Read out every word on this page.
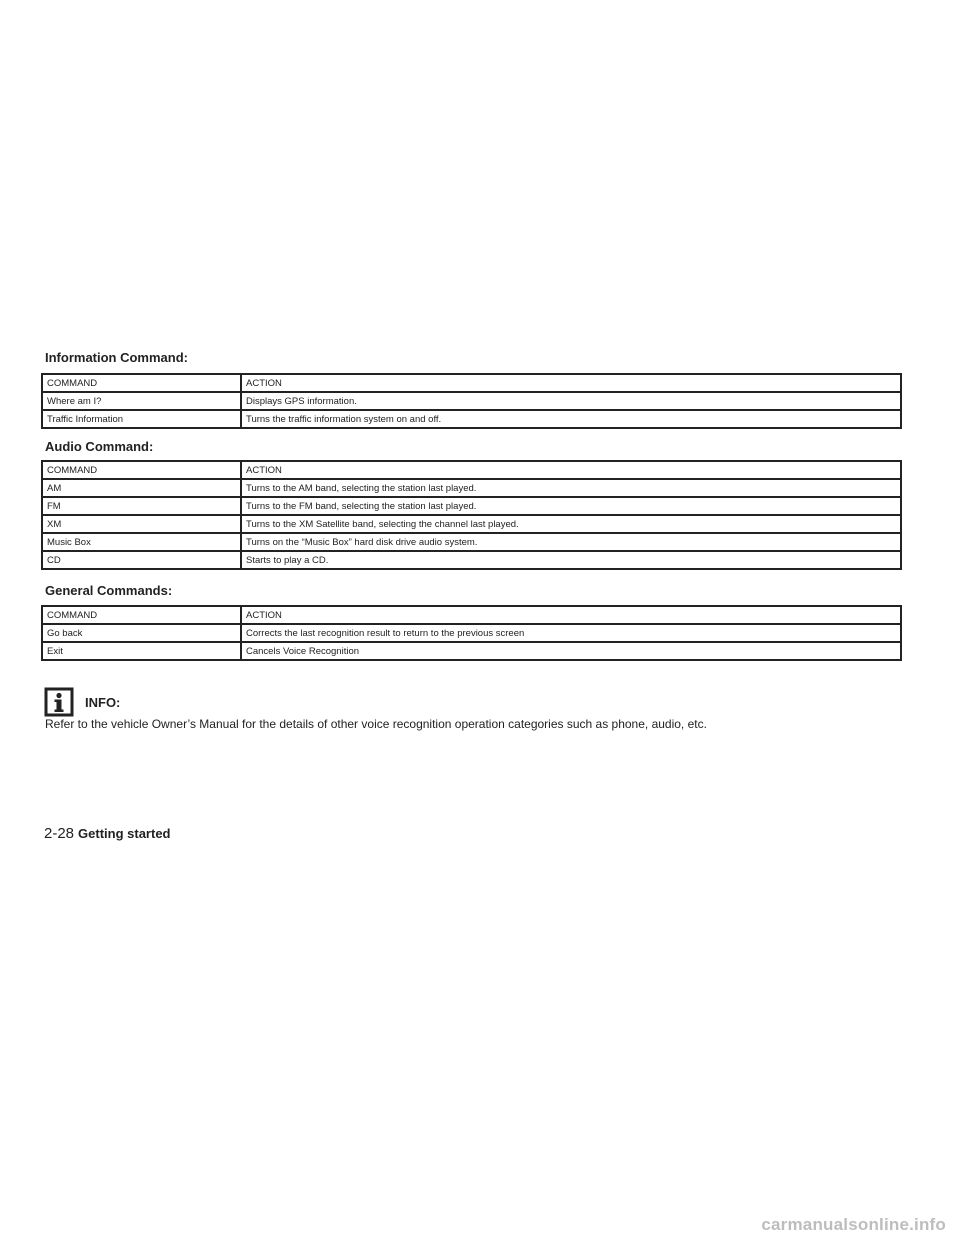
Information Command:
COMMAND	ACTION
Where am I?	Displays GPS information.
Traffic Information	Turns the traffic information system on and off.
Audio Command:
COMMAND	ACTION
AM	Turns to the AM band, selecting the station last played.
FM	Turns to the FM band, selecting the station last played.
XM	Turns to the XM Satellite band, selecting the channel last played.
Music Box	Turns on the “Music Box” hard disk drive audio system.
CD	Starts to play a CD.
General Commands:
COMMAND	ACTION
Go back	Corrects the last recognition result to return to the previous screen
Exit	Cancels Voice Recognition
INFO:
Refer to the vehicle Owner’s Manual for the details of other voice recognition operation categories such as phone, audio, etc.
2-28 Getting started
carmanualsonline.info
